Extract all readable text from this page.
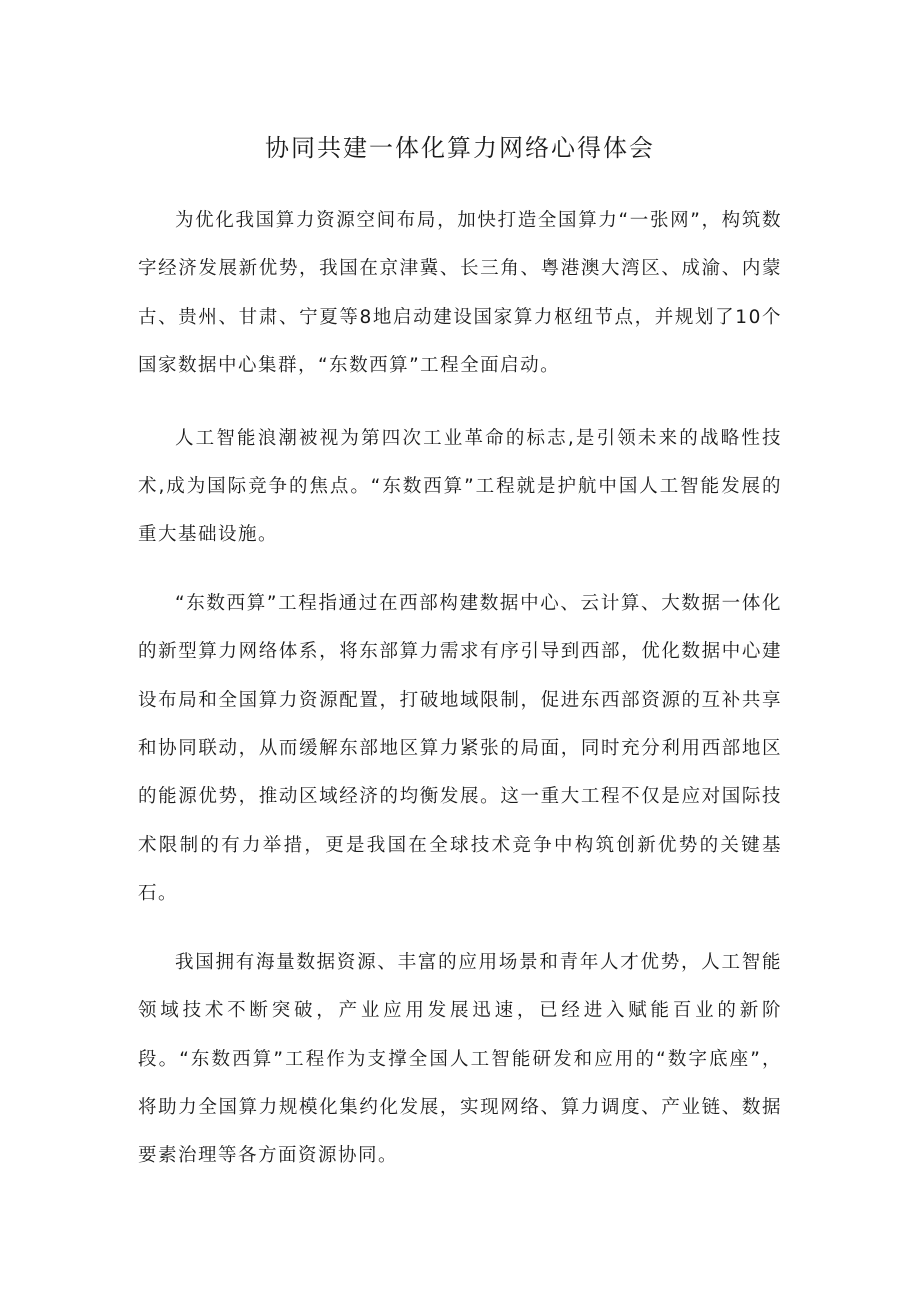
协同共建一体化算力网络心得体会

为优化我国算力资源空间布局，加快打造全国算力“一张网”，构筑数字经济发展新优势，我国在京津冀、长三角、粤港澳大湾区、成渝、内蒙古、贵州、甘肃、宁夏等8地启动建设国家算力枢纽节点，并规划了10个国家数据中心集群，“东数西算”工程全面启动。

人工智能浪潮被视为第四次工业革命的标志,是引领未来的战略性技术,成为国际竞争的焦点。“东数西算”工程就是护航中国人工智能发展的重大基础设施。

“东数西算”工程指通过在西部构建数据中心、云计算、大数据一体化的新型算力网络体系，将东部算力需求有序引导到西部，优化数据中心建设布局和全国算力资源配置，打破地域限制，促进东西部资源的互补共享和协同联动，从而缓解东部地区算力紧张的局面，同时充分利用西部地区的能源优势，推动区域经济的均衡发展。这一重大工程不仅是应对国际技术限制的有力举措，更是我国在全球技术竞争中构筑创新优势的关键基石。

我国拥有海量数据资源、丰富的应用场景和青年人才优势，人工智能领域技术不断突破，产业应用发展迅速，已经进入赋能百业的新阶段。“东数西算”工程作为支撑全国人工智能研发和应用的“数字底座”，将助力全国算力规模化集约化发展，实现网络、算力调度、产业链、数据要素治理等各方面资源协同。
